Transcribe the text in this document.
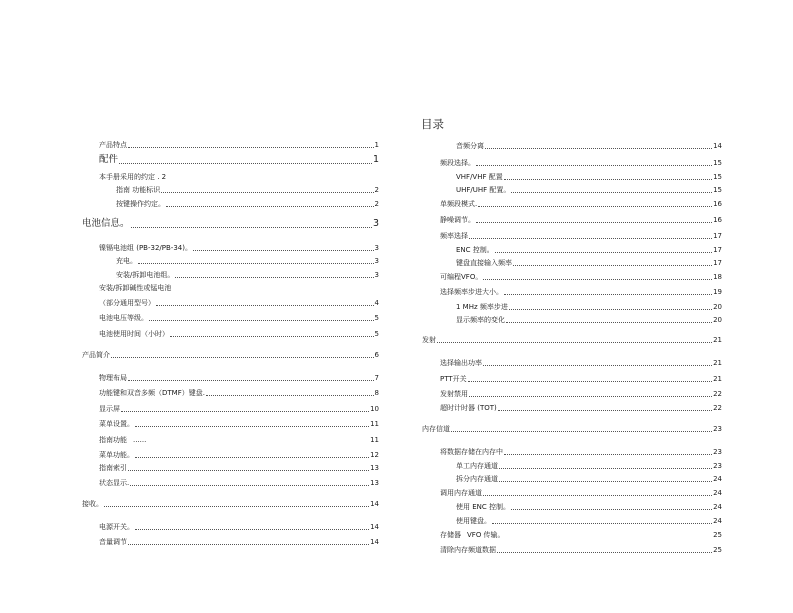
目录
产品特点	1
配件	1
本手册采用的约定 . 2
指南 功能标识	2
按键操作约定。	2
电池信息。	3
镍镉电池组 (PB-32/PB-34)。	3
充电。	3
安装/拆卸电池组。	3
安装/拆卸碱性或锰电池
（部分通用型号）	4
电池电压等级。	5
电池使用时间（小时）	5
产品简介	6
物理布局	7
功能键和双音多频（DTMF）键盘.	8
显示屏	10
菜单设置。	11
指南功能 ......	11
菜单功能。	12
指南索引	13
状态显示.	13
接收。	14
电源开关。	14
音量调节	14
音频分离	14
频段选择。	15
VHF/VHF 配置	15
UHF/UHF 配置。	15
单频段模式.	16
静噪调节。	16
频率选择	17
ENC 控制。	17
键盘直接输入频率	17
可编程VFO。	18
选择频率步进大小。	19
1 MHz 频率步进	20
显示频率的变化	20
发射	21
选择输出功率	21
PTT开关	21
发射禁用	22
超时计时器 (TOT)	22
内存信道	23
将数据存储在内存中	23
单工内存通道	23
拆分内存通道	24
调用内存通道	24
使用 ENC 控制。	24
使用键盘。	24
存储器 VFO 传输。	25
清除内存频道数据	25
